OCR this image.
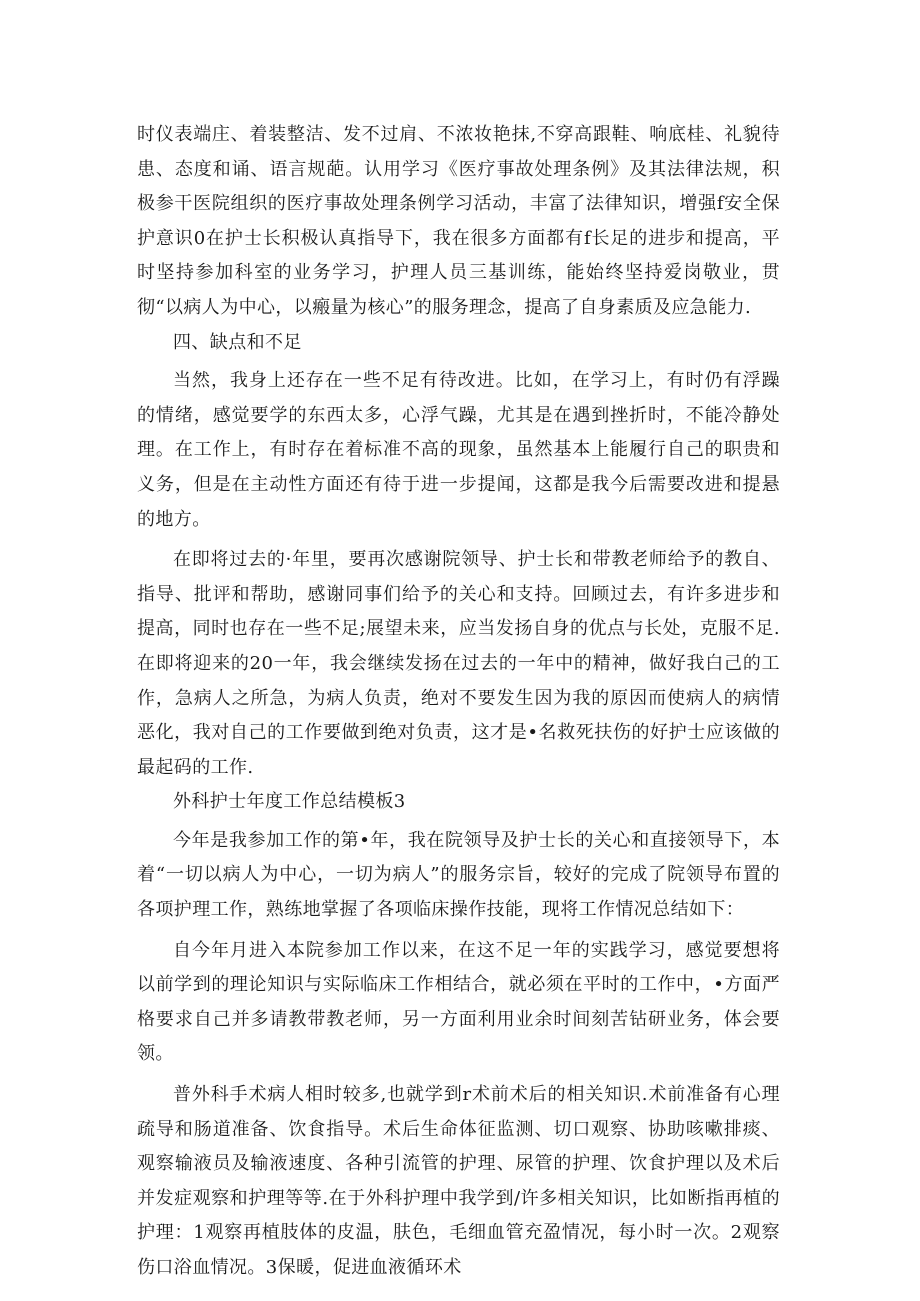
时仪表端庄、着装整洁、发不过肩、不浓妆艳抹,不穿高跟鞋、响底桂、礼貌待患、态度和诵、语言规葩。认用学习《医疗事故处理条例》及其法律法规，积极参干医院组织的医疗事故处理条例学习活动，丰富了法律知识，增强f安全保护意识0在护士长积极认真指导下，我在很多方面都有f长足的进步和提高，平时坚持参加科室的业务学习，护理人员三基训练，能始终坚持爱岗敬业，贯彻“以病人为中心，以瘢量为核心”的服务理念，提高了自身素质及应急能力.

四、缺点和不足

当然，我身上还存在一些不足有待改进。比如，在学习上，有时仍有浮躁的情绪，感觉要学的东西太多，心浮气躁，尤其是在遇到挫折时，不能冷静处理。在工作上，有时存在着标准不高的现象，虽然基本上能履行自己的职贵和义务，但是在主动性方面还有待于进一步提闻，这都是我今后需要改进和提悬的地方。

在即将过去的·年里，要再次感谢院领导、护士长和带教老师给予的教自、指导、批评和帮助，感谢同事们给予的关心和支持。回顾过去，有许多进步和提高，同时也存在一些不足;展望未来，应当发扬自身的优点与长处，克服不足.在即将迎来的20一年，我会继续发扬在过去的一年中的精神，做好我白己的工作，急病人之所急，为病人负责，绝对不要发生因为我的原因而使病人的病情恶化，我对自己的工作要做到绝对负责，这才是•名救死扶伤的好护士应该做的最起码的工作.

外科护士年度工作总结模板3

今年是我参加工作的第•年，我在院领导及护士长的关心和直接领导下，本着“一切以病人为中心，一切为病人”的服务宗旨，较好的完成了院领导布置的各项护理工作，熟练地掌握了各项临床操作技能，现将工作情况总结如下：

自今年月进入本院参加工作以来，在这不足一年的实践学习，感觉要想将以前学到的理论知识与实际临床工作相结合，就必须在平时的工作中，•方面严格要求自己并多请教带教老师，另一方面利用业余时间刻苦钻研业务，体会要领。

普外科手术病人相时较多,也就学到r术前术后的相关知识.术前准备有心理疏导和肠道准备、饮食指导。术后生命体征监测、切口观察、协助咳嗽排痰、观察输液员及输液速度、各种引流管的护理、尿管的护理、饮食护理以及术后并发症观察和护理等等.在于外科护理中我学到/许多相关知识，比如断指再植的护理：1观察再植肢体的皮温，肤色，毛细血管充盈情况，每小时一次。2观察伤口浴血情况。3保暖，促进血液循环术
